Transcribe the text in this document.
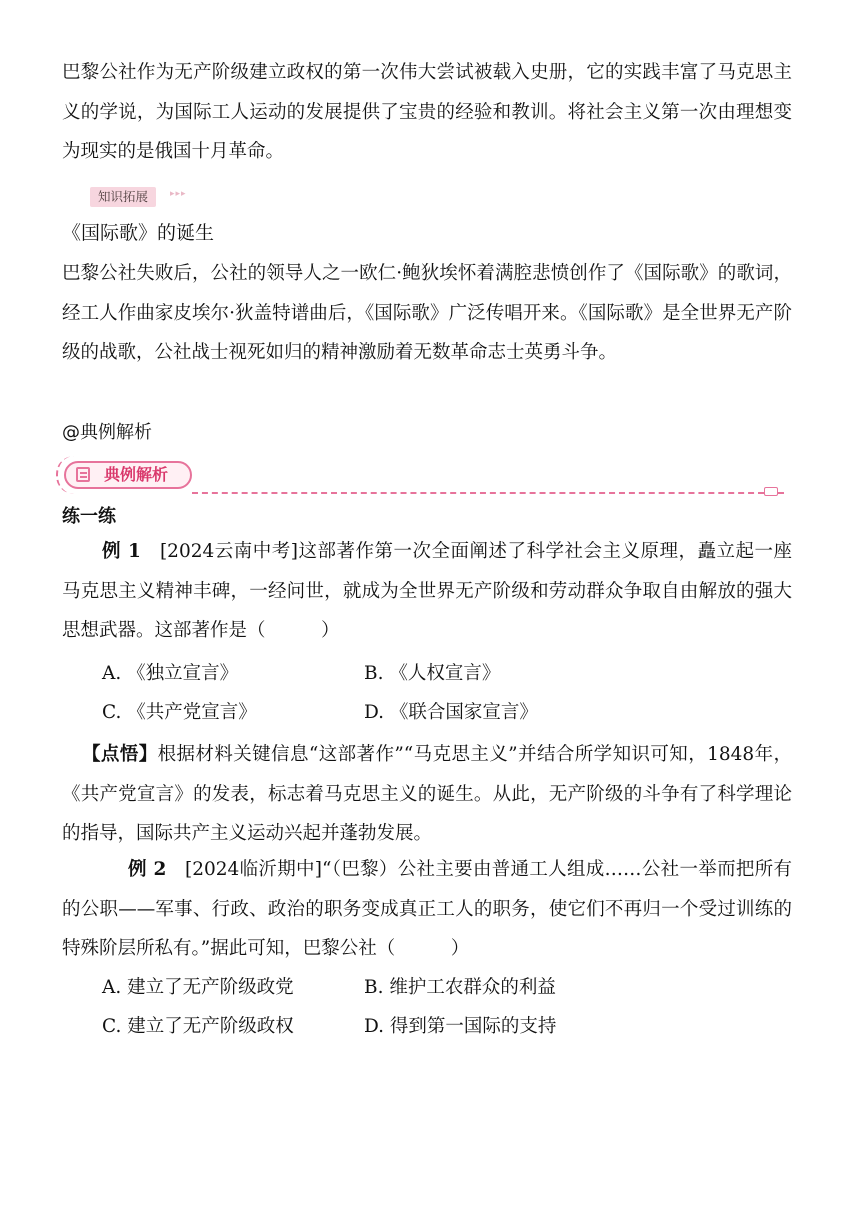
巴黎公社作为无产阶级建立政权的第一次伟大尝试被载入史册，它的实践丰富了马克思主义的学说，为国际工人运动的发展提供了宝贵的经验和教训。将社会主义第一次由理想变为现实的是俄国十月革命。

知识拓展	▸▸▸
《国际歌》的诞生

巴黎公社失败后，公社的领导人之一欧仁·鲍狄埃怀着满腔悲愤创作了《国际歌》的歌词，经工人作曲家皮埃尔·狄盖特谱曲后，《国际歌》广泛传唱开来。《国际歌》是全世界无产阶级的战歌，公社战士视死如归的精神激励着无数革命志士英勇斗争。

@典例解析
典例解析
练一练

例 1 [2024云南中考]这部著作第一次全面阐述了科学社会主义原理，矗立起一座马克思主义精神丰碑，一经问世，就成为全世界无产阶级和劳动群众争取自由解放的强大思想武器。这部著作是（　　　）

A. 《独立宣言》	B. 《人权宣言》
C. 《共产党宣言》	D. 《联合国家宣言》

【点悟】根据材料关键信息“这部著作”“马克思主义”并结合所学知识可知，1848年，《共产党宣言》的发表，标志着马克思主义的诞生。从此，无产阶级的斗争有了科学理论的指导，国际共产主义运动兴起并蓬勃发展。

例 2 [2024临沂期中]“（巴黎）公社主要由普通工人组成……公社一举而把所有的公职——军事、行政、政治的职务变成真正工人的职务，使它们不再归一个受过训练的特殊阶层所私有。”据此可知，巴黎公社（　　　）

A. 建立了无产阶级政党	B. 维护工农群众的利益
C. 建立了无产阶级政权	D. 得到第一国际的支持
